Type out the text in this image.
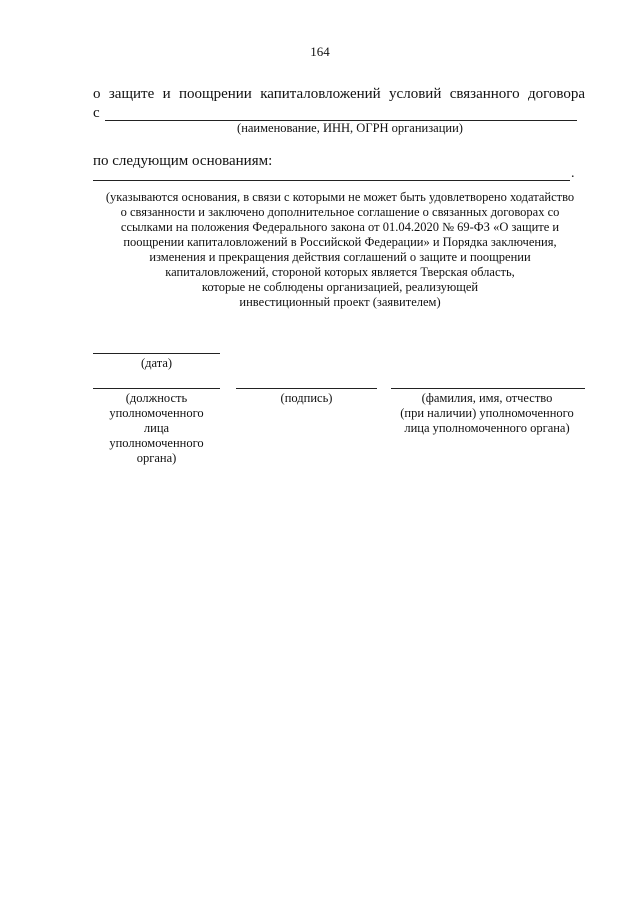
164
о защите и поощрении капиталовложений условий связанного договора
с
(наименование, ИНН, ОГРН организации)
по следующим основаниям:
.
(указываются основания, в связи с которыми не может быть удовлетворено ходатайство
о связанности и заключено дополнительное соглашение о связанных договорах со
ссылками на положения Федерального закона от 01.04.2020 № 69-ФЗ «О защите и
поощрении капиталовложений в Российской Федерации» и Порядка заключения,
изменения и прекращения действия соглашений о защите и поощрении
капиталовложений, стороной которых является Тверская область,
которые не соблюдены организацией, реализующей
инвестиционный проект (заявителем)
(дата)
(должность
уполномоченного
лица
уполномоченного
органа)
(подпись)	(фамилия, имя, отчество
(при наличии) уполномоченного
лица уполномоченного органа)
